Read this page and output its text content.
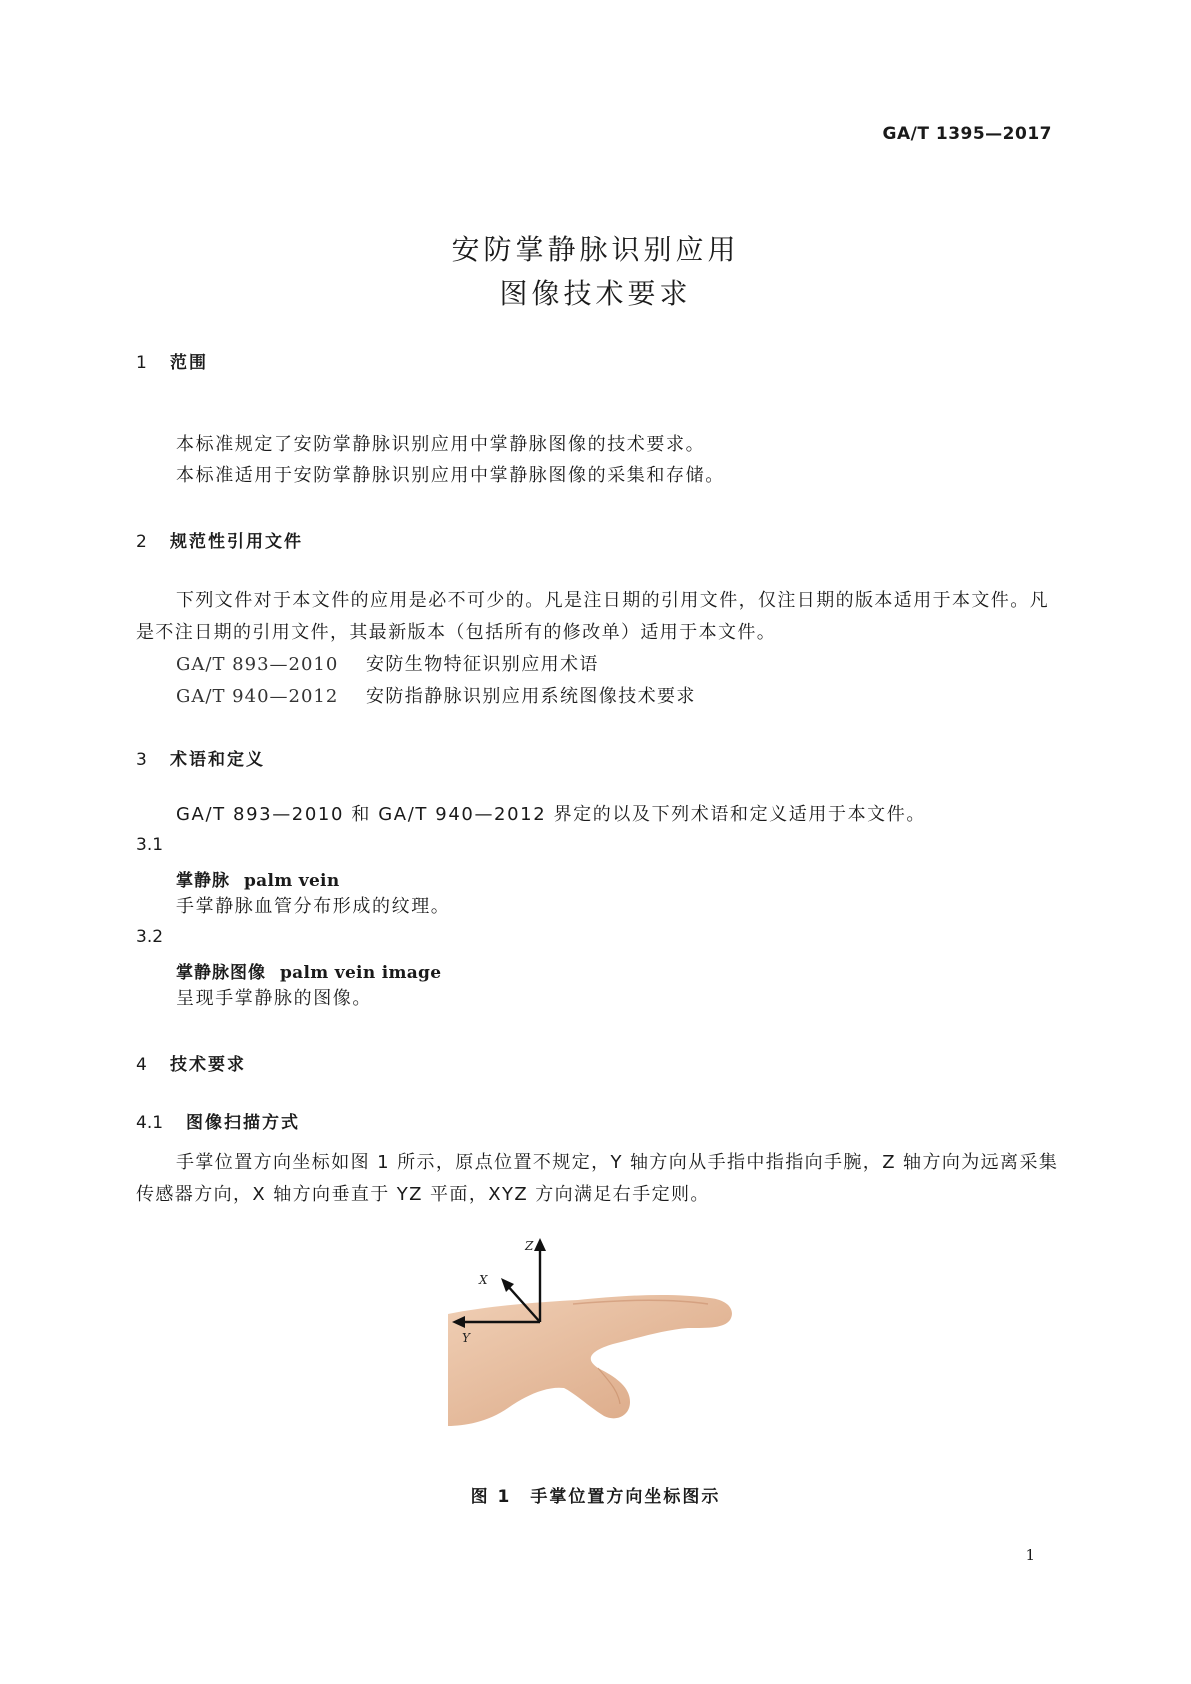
GA/T 1395—2017
安防掌静脉识别应用
图像技术要求
1 范围
本标准规定了安防掌静脉识别应用中掌静脉图像的技术要求。
本标准适用于安防掌静脉识别应用中掌静脉图像的采集和存储。
2 规范性引用文件
下列文件对于本文件的应用是必不可少的。凡是注日期的引用文件，仅注日期的版本适用于本文件。凡是不注日期的引用文件，其最新版本（包括所有的修改单）适用于本文件。
GA/T 893—2010 安防生物特征识别应用术语
GA/T 940—2012 安防指静脉识别应用系统图像技术要求
3 术语和定义
GA/T 893—2010 和 GA/T 940—2012 界定的以及下列术语和定义适用于本文件。
3.1
掌静脉 palm vein
手掌静脉血管分布形成的纹理。
3.2
掌静脉图像 palm vein image
呈现手掌静脉的图像。
4 技术要求
4.1 图像扫描方式
手掌位置方向坐标如图 1 所示，原点位置不规定，Y 轴方向从手指中指指向手腕，Z 轴方向为远离采集传感器方向，X 轴方向垂直于 YZ 平面，XYZ 方向满足右手定则。
Z
X
Y
图 1　手掌位置方向坐标图示
1
